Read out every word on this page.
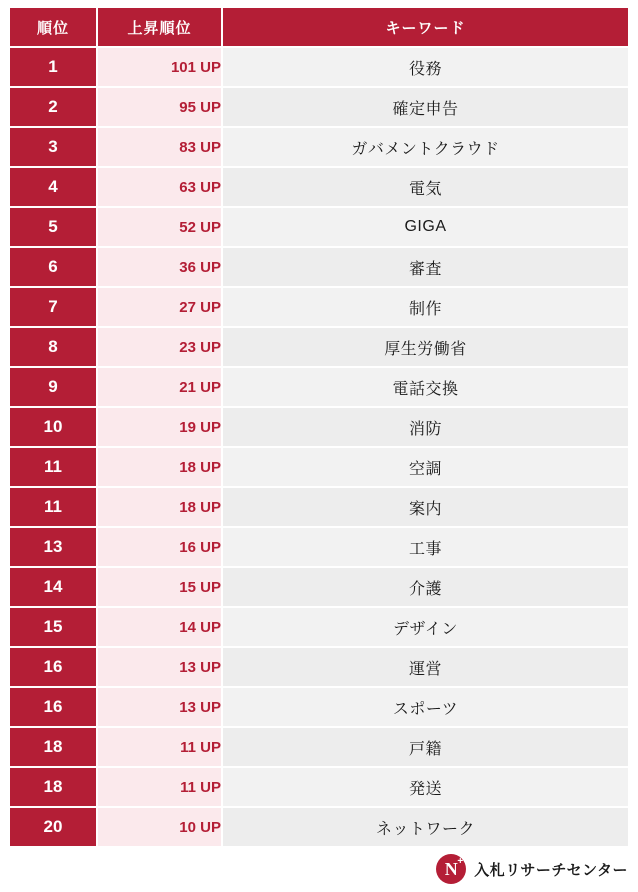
順位	上昇順位	キーワード
1	101 UP	役務
2	95 UP	確定申告
3	83 UP	ガバメントクラウド
4	63 UP	電気
5	52 UP	GIGA
6	36 UP	審査
7	27 UP	制作
8	23 UP	厚生労働省
9	21 UP	電話交換
10	19 UP	消防
11	18 UP	空調
11	18 UP	案内
13	16 UP	工事
14	15 UP	介護
15	14 UP	デザイン
16	13 UP	運営
16	13 UP	スポーツ
18	11 UP	戸籍
18	11 UP	発送
20	10 UP	ネットワーク
N + 入札リサーチセンター
